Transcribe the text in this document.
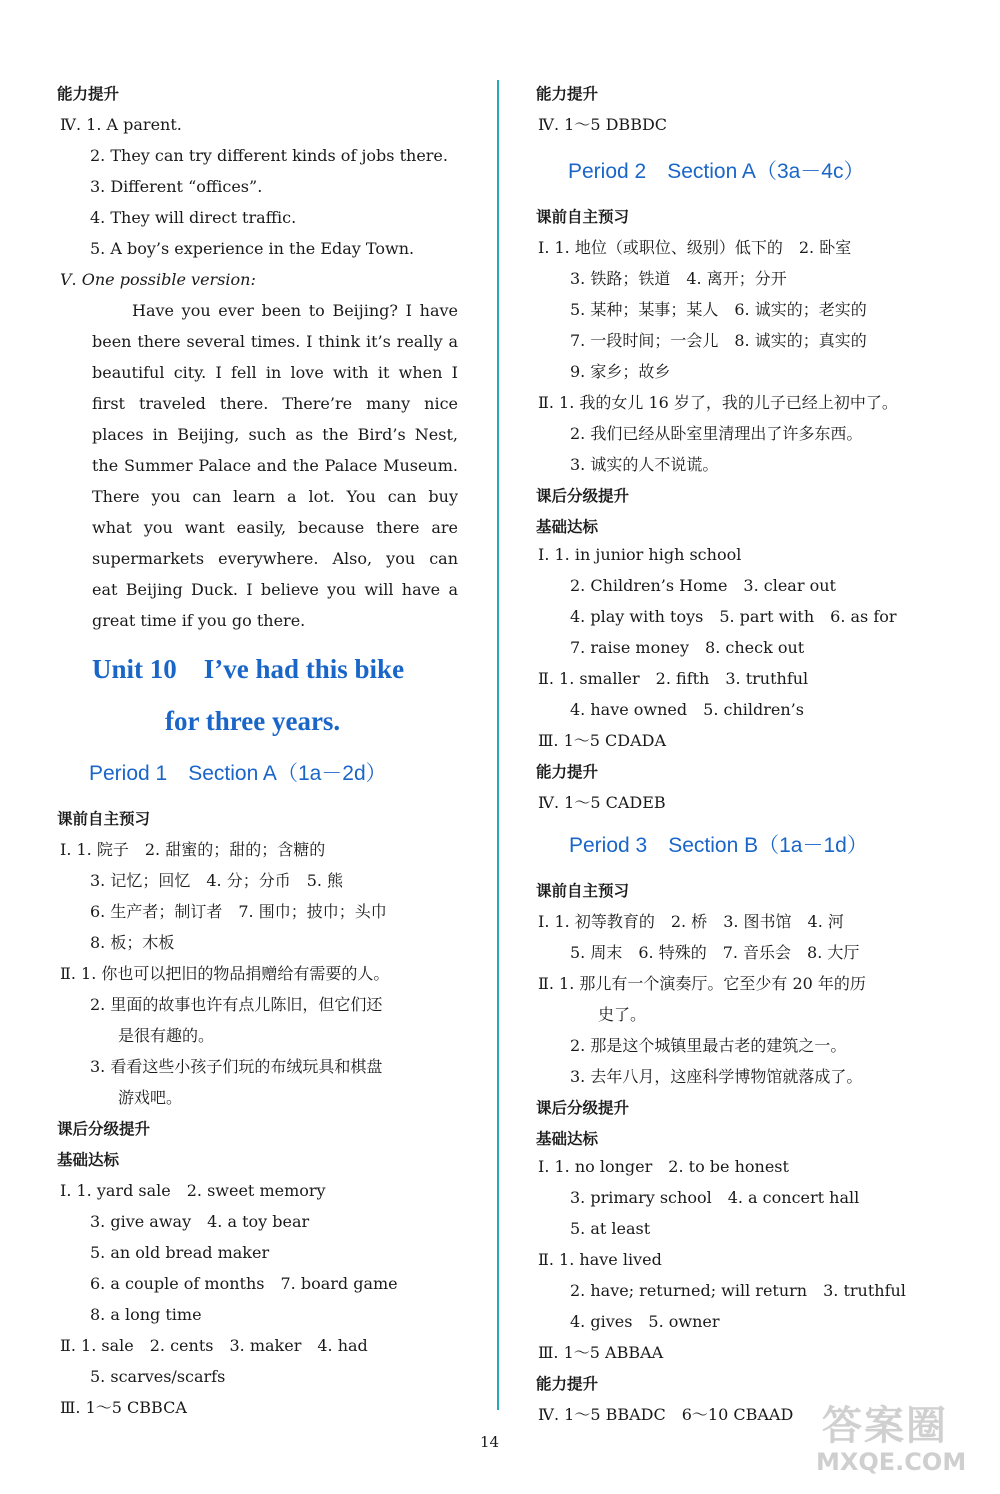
能力提升
Ⅳ. 1. A parent.
2. They can try different kinds of jobs there.
3. Different “offices”.
4. They will direct traffic.
5. A boy’s experience in the Eday Town.
Ⅴ. One possible version:
Have you ever been to Beijing? I have
been there several times. I think it’s really a
beautiful city. I fell in love with it when I
first traveled there. There’re many nice
places in Beijing, such as the Bird’s Nest,
the Summer Palace and the Palace Museum.
There you can learn a lot. You can buy
what you want easily, because there are
supermarkets everywhere. Also, you can
eat Beijing Duck. I believe you will have a
great time if you go there.
Unit 10　I’ve had this bike
for three years.
Period 1　Section A（1a－2d）
课前自主预习
Ⅰ. 1. 院子　2. 甜蜜的；甜的；含糖的
3. 记忆；回忆　4. 分；分币　5. 熊
6. 生产者；制订者　7. 围巾；披巾；头巾
8. 板；木板
Ⅱ. 1. 你也可以把旧的物品捐赠给有需要的人。
2. 里面的故事也许有点儿陈旧，但它们还
是很有趣的。
3. 看看这些小孩子们玩的布绒玩具和棋盘
游戏吧。
课后分级提升
基础达标
Ⅰ. 1. yard sale　2. sweet memory
3. give away　4. a toy bear
5. an old bread maker
6. a couple of months　7. board game
8. a long time
Ⅱ. 1. sale　2. cents　3. maker　4. had
5. scarves/scarfs
Ⅲ. 1～5 CBBCA
能力提升
Ⅳ. 1～5 DBBDC
Period 2　Section A（3a－4c）
课前自主预习
Ⅰ. 1. 地位（或职位、级别）低下的　2. 卧室
3. 铁路；铁道　4. 离开；分开
5. 某种；某事；某人　6. 诚实的；老实的
7. 一段时间；一会儿　8. 诚实的；真实的
9. 家乡；故乡
Ⅱ. 1. 我的女儿 16 岁了，我的儿子已经上初中了。
2. 我们已经从卧室里清理出了许多东西。
3. 诚实的人不说谎。
课后分级提升
基础达标
Ⅰ. 1. in junior high school
2. Children’s Home　3. clear out
4. play with toys　5. part with　6. as for
7. raise money　8. check out
Ⅱ. 1. smaller　2. fifth　3. truthful
4. have owned　5. children’s
Ⅲ. 1～5 CDADA
能力提升
Ⅳ. 1～5 CADEB
Period 3　Section B（1a－1d）
课前自主预习
Ⅰ. 1. 初等教育的　2. 桥　3. 图书馆　4. 河
5. 周末　6. 特殊的　7. 音乐会　8. 大厅
Ⅱ. 1. 那儿有一个演奏厅。它至少有 20 年的历
史了。
2. 那是这个城镇里最古老的建筑之一。
3. 去年八月，这座科学博物馆就落成了。
课后分级提升
基础达标
Ⅰ. 1. no longer　2. to be honest
3. primary school　4. a concert hall
5. at least
Ⅱ. 1. have lived
2. have; returned; will return　3. truthful
4. gives　5. owner
Ⅲ. 1～5 ABBAA
能力提升
Ⅳ. 1～5 BBADC　6～10 CBAAD
14	答案圈
MXQE.COM
